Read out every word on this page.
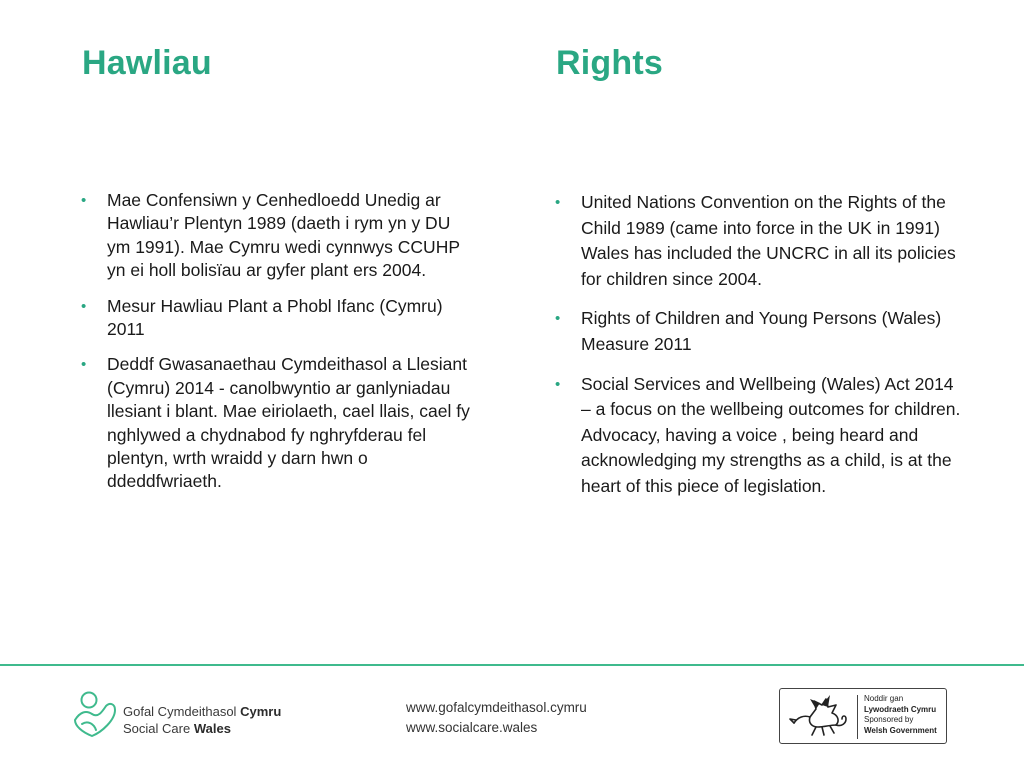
Hawliau	Rights
• Mae Confensiwn y Cenhedloedd Unedig ar Hawliau’r Plentyn 1989 (daeth i rym yn y DU ym 1991). Mae Cymru wedi cynnwys CCUHP yn ei holl bolisïau ar gyfer plant ers 2004.
• Mesur Hawliau Plant a Phobl Ifanc (Cymru) 2011
• Deddf Gwasanaethau Cymdeithasol a Llesiant (Cymru) 2014 - canolbwyntio ar ganlyniadau llesiant i blant. Mae eiriolaeth, cael llais, cael fy nghlywed a chydnabod fy nghryfderau fel plentyn, wrth wraidd y darn hwn o ddeddfwriaeth.
• United Nations Convention on the Rights of the Child 1989 (came into force in the UK in 1991) Wales has included the UNCRC in all its policies for children since 2004.
• Rights of Children and Young Persons (Wales) Measure 2011
• Social Services and Wellbeing (Wales) Act 2014 – a focus on the wellbeing outcomes for children. Advocacy, having a voice , being heard and acknowledging my strengths as a child, is at the heart of this piece of legislation.
Gofal Cymdeithasol Cymru
Social Care Wales
www.gofalcymdeithasol.cymru
www.socialcare.wales
Noddir gan
Lywodraeth Cymru
Sponsored by
Welsh Government
